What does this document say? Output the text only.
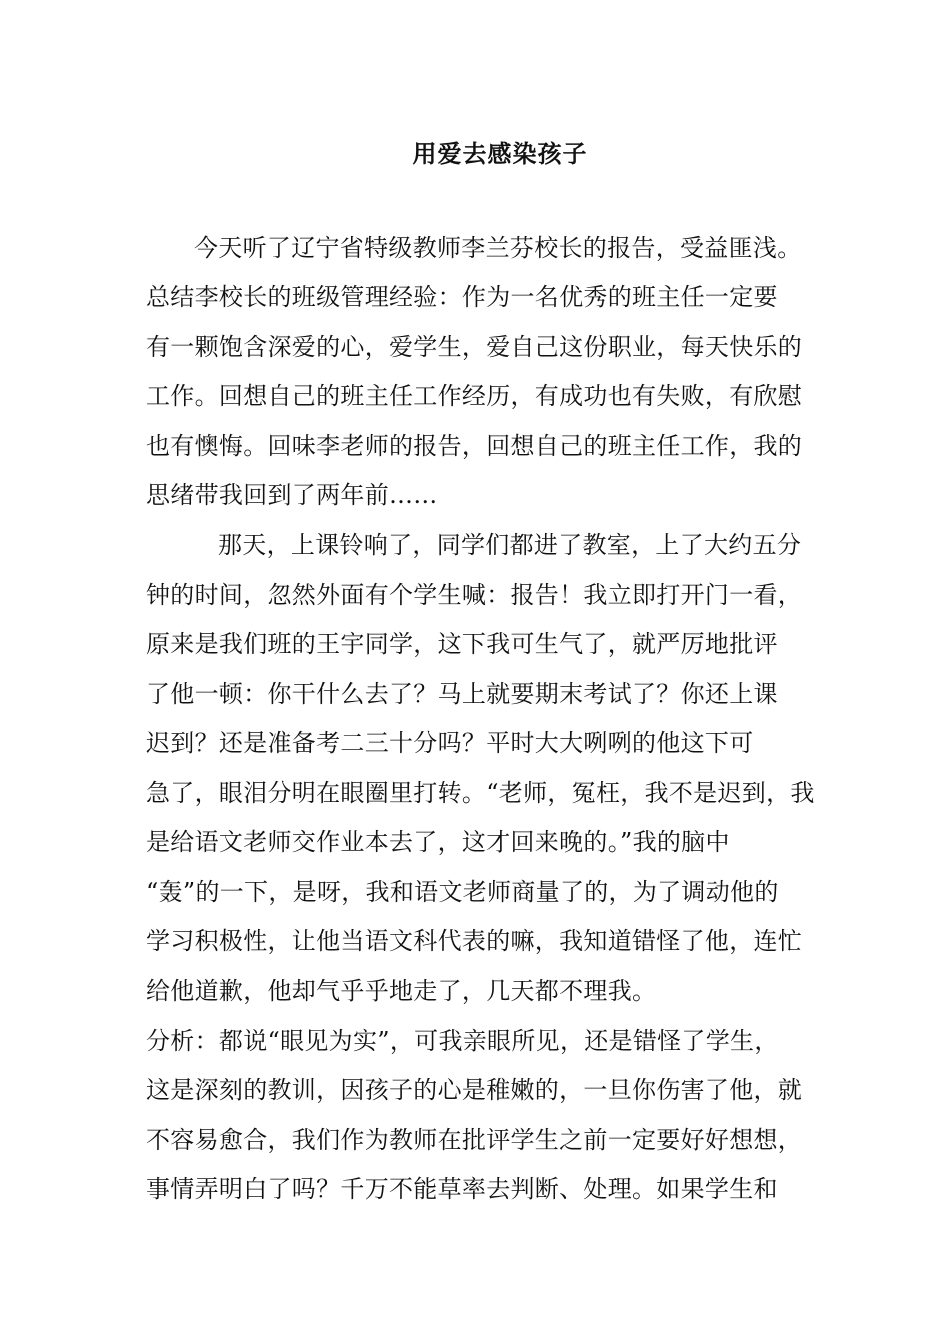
用爱去感染孩子
今天听了辽宁省特级教师李兰芬校长的报告，受益匪浅。
总结李校长的班级管理经验：作为一名优秀的班主任一定要
有一颗饱含深爱的心，爱学生，爱自己这份职业，每天快乐的
工作。回想自己的班主任工作经历，有成功也有失败，有欣慰
也有懊悔。回味李老师的报告，回想自己的班主任工作，我的
思绪带我回到了两年前……
那天，上课铃响了，同学们都进了教室，上了大约五分
钟的时间，忽然外面有个学生喊：报告！我立即打开门一看，
原来是我们班的王宇同学，这下我可生气了，就严厉地批评
了他一顿：你干什么去了？马上就要期末考试了？你还上课
迟到？还是准备考二三十分吗？平时大大咧咧的他这下可
急了，眼泪分明在眼圈里打转。“老师，冤枉，我不是迟到，我
是给语文老师交作业本去了，这才回来晚的。”我的脑中
“轰”的一下，是呀，我和语文老师商量了的，为了调动他的
学习积极性，让他当语文科代表的嘛，我知道错怪了他，连忙
给他道歉，他却气乎乎地走了，几天都不理我。
分析：都说“眼见为实”，可我亲眼所见，还是错怪了学生，
这是深刻的教训，因孩子的心是稚嫩的，一旦你伤害了他，就
不容易愈合，我们作为教师在批评学生之前一定要好好想想，
事情弄明白了吗？千万不能草率去判断、处理。如果学生和
